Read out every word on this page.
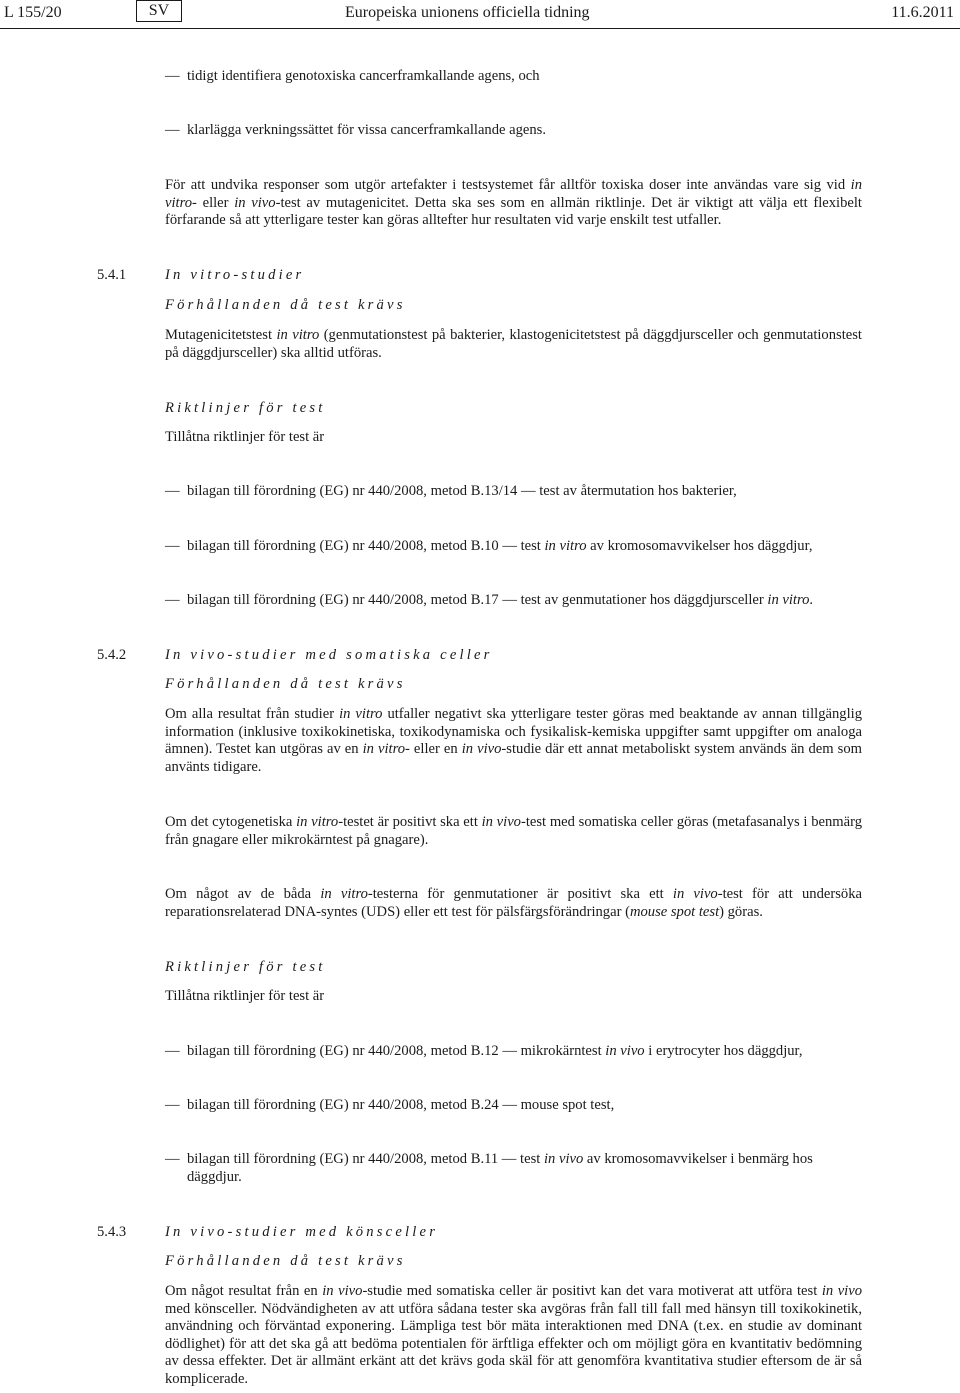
L 155/20	SV	Europeiska unionens officiella tidning	11.6.2011
— tidigt identifiera genotoxiska cancerframkallande agens, och
— klarlägga verkningssättet för vissa cancerframkallande agens.
För att undvika responser som utgör artefakter i testsystemet får alltför toxiska doser inte användas vare sig vid in vitro- eller in vivo-test av mutagenicitet. Detta ska ses som en allmän riktlinje. Det är viktigt att välja ett flexibelt förfarande så att ytterligare tester kan göras alltefter hur resultaten vid varje enskilt test utfaller.
5.4.1	In vitro-studier
Förhållanden då test krävs
Mutagenicitetstest in vitro (genmutationstest på bakterier, klastogenicitetstest på däggdjursceller och genmutationstest på däggdjursceller) ska alltid utföras.
Riktlinjer för test
Tillåtna riktlinjer för test är
— bilagan till förordning (EG) nr 440/2008, metod B.13/14 — test av återmutation hos bakterier,
— bilagan till förordning (EG) nr 440/2008, metod B.10 — test in vitro av kromosomavvikelser hos däggdjur,
— bilagan till förordning (EG) nr 440/2008, metod B.17 — test av genmutationer hos däggdjursceller in vitro.
5.4.2	In vivo-studier med somatiska celler
Förhållanden då test krävs
Om alla resultat från studier in vitro utfaller negativt ska ytterligare tester göras med beaktande av annan tillgänglig information (inklusive toxikokinetiska, toxikodynamiska och fysikalisk-kemiska uppgifter samt uppgifter om analoga ämnen). Testet kan utgöras av en in vitro- eller en in vivo-studie där ett annat metaboliskt system används än dem som använts tidigare.
Om det cytogenetiska in vitro-testet är positivt ska ett in vivo-test med somatiska celler göras (metafasanalys i benmärg från gnagare eller mikrokärntest på gnagare).
Om något av de båda in vitro-testerna för genmutationer är positivt ska ett in vivo-test för att undersöka reparationsrelaterad DNA-syntes (UDS) eller ett test för pälsfärgsförändringar (mouse spot test) göras.
Riktlinjer för test
Tillåtna riktlinjer för test är
— bilagan till förordning (EG) nr 440/2008, metod B.12 — mikrokärntest in vivo i erytrocyter hos däggdjur,
— bilagan till förordning (EG) nr 440/2008, metod B.24 — mouse spot test,
— bilagan till förordning (EG) nr 440/2008, metod B.11 — test in vivo av kromosomavvikelser i benmärg hos däggdjur.
5.4.3	In vivo-studier med könsceller
Förhållanden då test krävs
Om något resultat från en in vivo-studie med somatiska celler är positivt kan det vara motiverat att utföra test in vivo med könsceller. Nödvändigheten av att utföra sådana tester ska avgöras från fall till fall med hänsyn till toxikokinetik, användning och förväntad exponering. Lämpliga test bör mäta interaktionen med DNA (t.ex. en studie av dominant dödlighet) för att det ska gå att bedöma potentialen för ärftliga effekter och om möjligt göra en kvantitativ bedömning av dessa effekter. Det är allmänt erkänt att det krävs goda skäl för att genomföra kvantitativa studier eftersom de är så komplicerade.
